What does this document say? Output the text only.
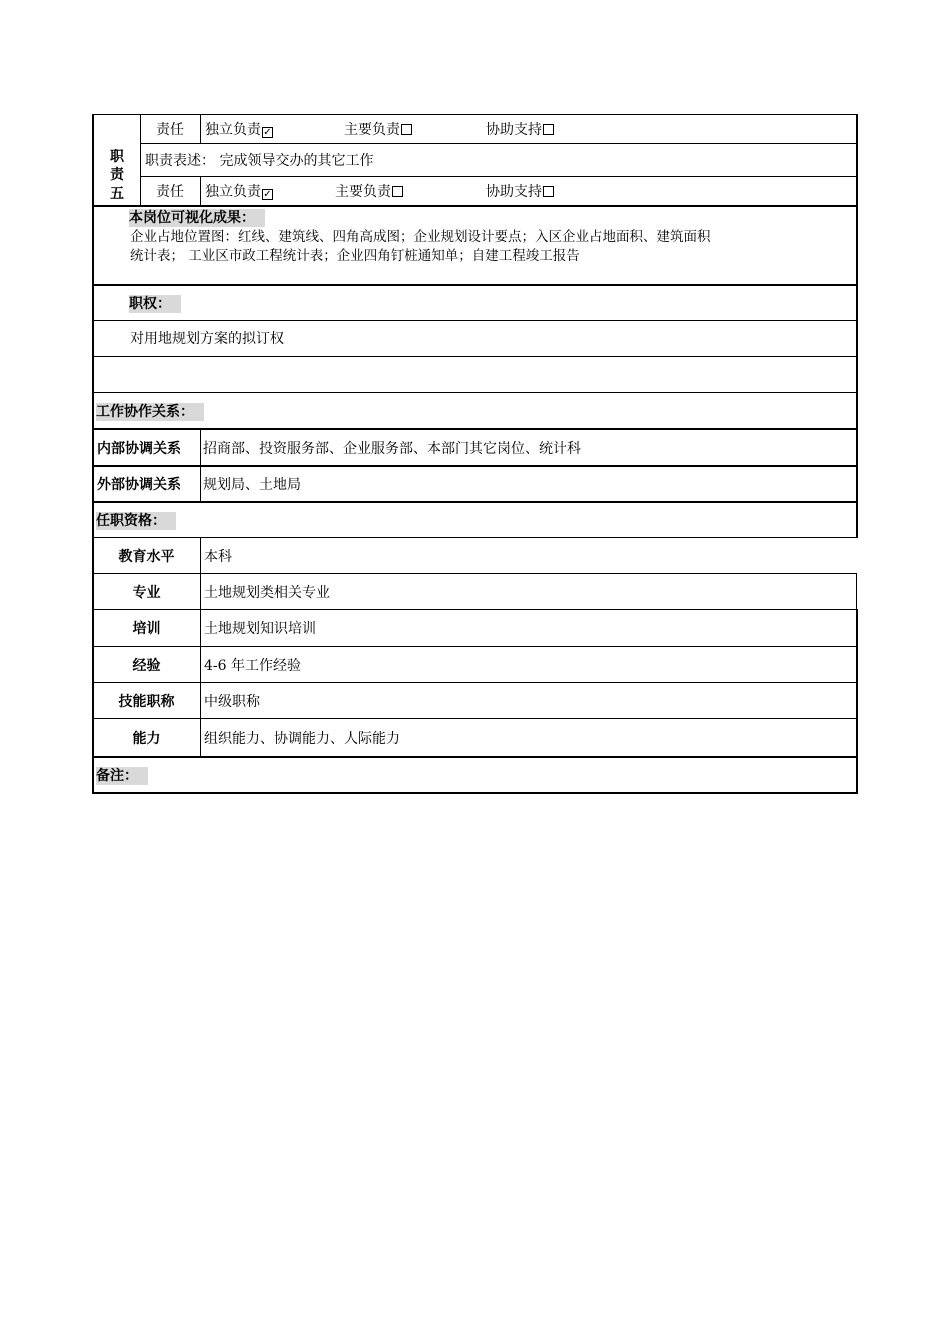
责任 独立负责 ✓	主要负责	协助支持
职
责
五
职责表述： 完成领导交办的其它工作
责任 独立负责 ✓	主要负责	协助支持
本岗位可视化成果：
企业占地位置图：红线、建筑线、四角高成图；企业规划设计要点；入区企业占地面积、建筑面积
统计表； 工业区市政工程统计表；企业四角钉桩通知单；自建工程竣工报告
职权：
对用地规划方案的拟订权
工作协作关系：
内部协调关系 招商部、投资服务部、企业服务部、本部门其它岗位、统计科
外部协调关系 规划局、土地局
任职资格：
教育水平	本科
专业	土地规划类相关专业
培训	土地规划知识培训
经验	4-6 年工作经验
技能职称	中级职称
能力	组织能力、协调能力、人际能力
备注：
